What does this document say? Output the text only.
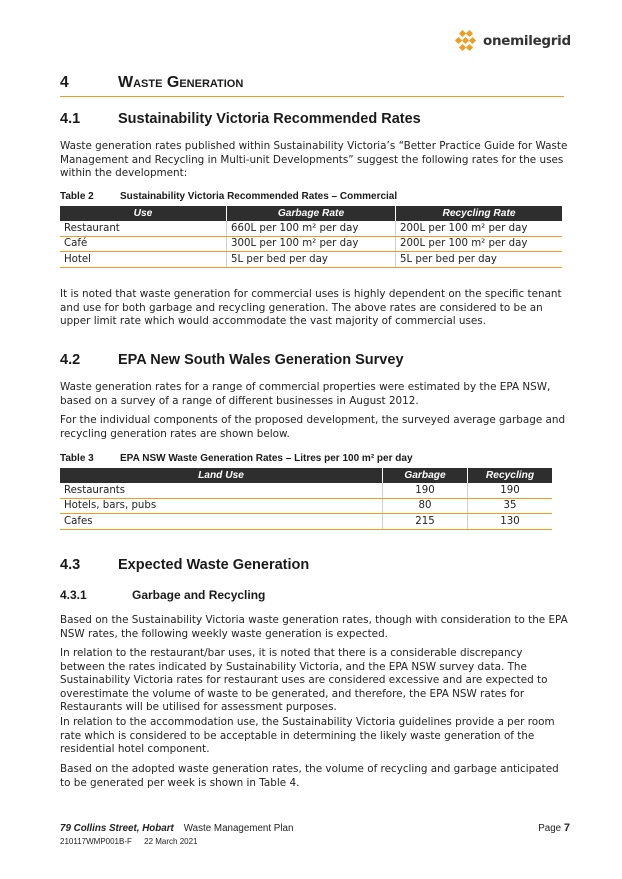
onemilegrid
4	Waste Generation
4.1	Sustainability Victoria Recommended Rates

Waste generation rates published within Sustainability Victoria’s “Better Practice Guide for Waste Management and Recycling in Multi-unit Developments” suggest the following rates for the uses within the development:

Table 2	Sustainability Victoria Recommended Rates – Commercial
Use	Garbage Rate	Recycling Rate
Restaurant	660L per 100 m² per day	200L per 100 m² per day
Café	300L per 100 m² per day	200L per 100 m² per day
Hotel	5L per bed per day	5L per bed per day

It is noted that waste generation for commercial uses is highly dependent on the specific tenant and use for both garbage and recycling generation. The above rates are considered to be an upper limit rate which would accommodate the vast majority of commercial uses.

4.2	EPA New South Wales Generation Survey

Waste generation rates for a range of commercial properties were estimated by the EPA NSW, based on a survey of a range of different businesses in August 2012.

For the individual components of the proposed development, the surveyed average garbage and recycling generation rates are shown below.

Table 3	EPA NSW Waste Generation Rates – Litres per 100 m² per day
Land Use	Garbage	Recycling
Restaurants	190	190
Hotels, bars, pubs	80	35
Cafes	215	130
4.3	Expected Waste Generation
4.3.1	Garbage and Recycling

Based on the Sustainability Victoria waste generation rates, though with consideration to the EPA NSW rates, the following weekly waste generation is expected.

In relation to the restaurant/bar uses, it is noted that there is a considerable discrepancy between the rates indicated by Sustainability Victoria, and the EPA NSW survey data. The Sustainability Victoria rates for restaurant uses are considered excessive and are expected to overestimate the volume of waste to be generated, and therefore, the EPA NSW rates for Restaurants will be utilised for assessment purposes.

In relation to the accommodation use, the Sustainability Victoria guidelines provide a per room rate which is considered to be acceptable in determining the likely waste generation of the residential hotel component.

Based on the adopted waste generation rates, the volume of recycling and garbage anticipated to be generated per week is shown in Table 4.

79 Collins Street, Hobart Waste Management Plan	Page 7
210117WMP001B-F 22 March 2021
